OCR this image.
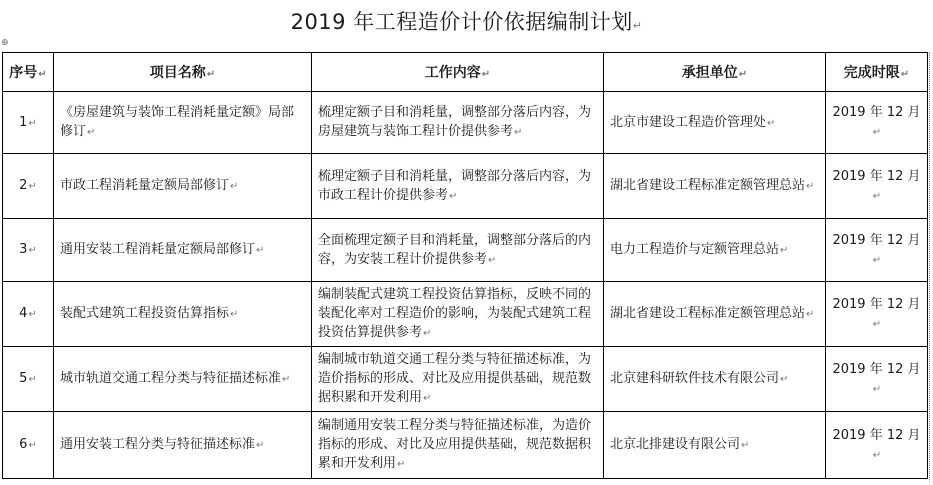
2019 年工程造价计价依据编制计划↵
⊕
序号↵	项目名称↵	工作内容↵	承担单位↵	完成时限↵
1↵	《房屋建筑与装饰工程消耗量定额》局部修订↵	梳理定额子目和消耗量，调整部分落后内容，为房屋建筑与装饰工程计价提供参考↵	北京市建设工程造价管理处↵	2019 年 12 月↵
2↵	市政工程消耗量定额局部修订↵	梳理定额子目和消耗量，调整部分落后内容，为市政工程计价提供参考↵	湖北省建设工程标准定额管理总站↵	2019 年 12 月↵
3↵	通用安装工程消耗量定额局部修订↵	全面梳理定额子目和消耗量，调整部分落后的内容，为安装工程计价提供参考↵	电力工程造价与定额管理总站↵	2019 年 12 月↵
4↵	装配式建筑工程投资估算指标↵	编制装配式建筑工程投资估算指标，反映不同的装配化率对工程造价的影响，为装配式建筑工程投资估算提供参考↵	湖北省建设工程标准定额管理总站↵	2019 年 12 月↵
5↵	城市轨道交通工程分类与特征描述标准↵	编制城市轨道交通工程分类与特征描述标准，为造价指标的形成、对比及应用提供基础，规范数据积累和开发利用↵	北京建科研软件技术有限公司↵	2019 年 12 月↵
6↵	通用安装工程分类与特征描述标准↵	编制通用安装工程分类与特征描述标准，为造价指标的形成、对比及应用提供基础，规范数据积累和开发利用↵	北京北排建设有限公司↵	2019 年 12 月↵
